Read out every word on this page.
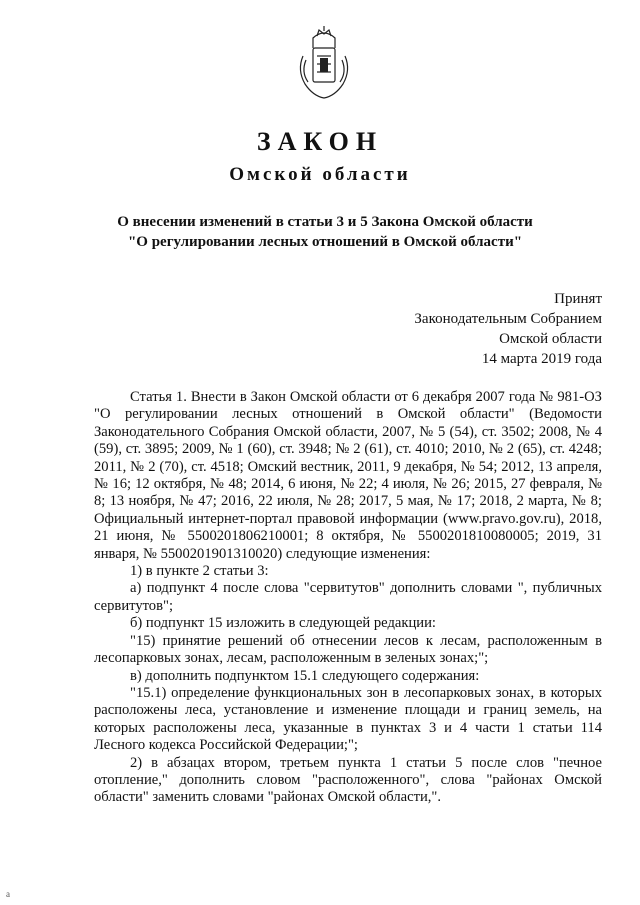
ЗАКОН
Омской области
О внесении изменений в статьи 3 и 5 Закона Омской области
"О регулировании лесных отношений в Омской области"
Принят
Законодательным Собранием
Омской области
14 марта 2019 года

Статья 1. Внести в Закон Омской области от 6 декабря 2007 года № 981-ОЗ "О регулировании лесных отношений в Омской области" (Ведомости Законодательного Собрания Омской области, 2007, № 5 (54), ст. 3502; 2008, № 4 (59), ст. 3895; 2009, № 1 (60), ст. 3948; № 2 (61), ст. 4010; 2010, № 2 (65), ст. 4248; 2011, № 2 (70), ст. 4518; Омский вестник, 2011, 9 декабря, № 54; 2012, 13 апреля, № 16; 12 октября, № 48; 2014, 6 июня, № 22; 4 июля, № 26; 2015, 27 февраля, № 8; 13 ноября, № 47; 2016, 22 июля, № 28; 2017, 5 мая, № 17; 2018, 2 марта, № 8; Официальный интернет-портал правовой информации (www.pravo.gov.ru), 2018, 21 июня, № 5500201806210001; 8 октября, № 5500201810080005; 2019, 31 января, № 5500201901310020) следующие изменения:

1) в пункте 2 статьи 3:

а) подпункт 4 после слова "сервитутов" дополнить словами ", публичных сервитутов";

б) подпункт 15 изложить в следующей редакции:

"15) принятие решений об отнесении лесов к лесам, расположенным в лесопарковых зонах, лесам, расположенным в зеленых зонах;";

в) дополнить подпунктом 15.1 следующего содержания:

"15.1) определение функциональных зон в лесопарковых зонах, в которых расположены леса, установление и изменение площади и границ земель, на которых расположены леса, указанные в пунктах 3 и 4 части 1 статьи 114 Лесного кодекса Российской Федерации;";

2) в абзацах втором, третьем пункта 1 статьи 5 после слов "печное отопление," дополнить словом "расположенного", слова "районах Омской области" заменить словами "районах Омской области,".

а
